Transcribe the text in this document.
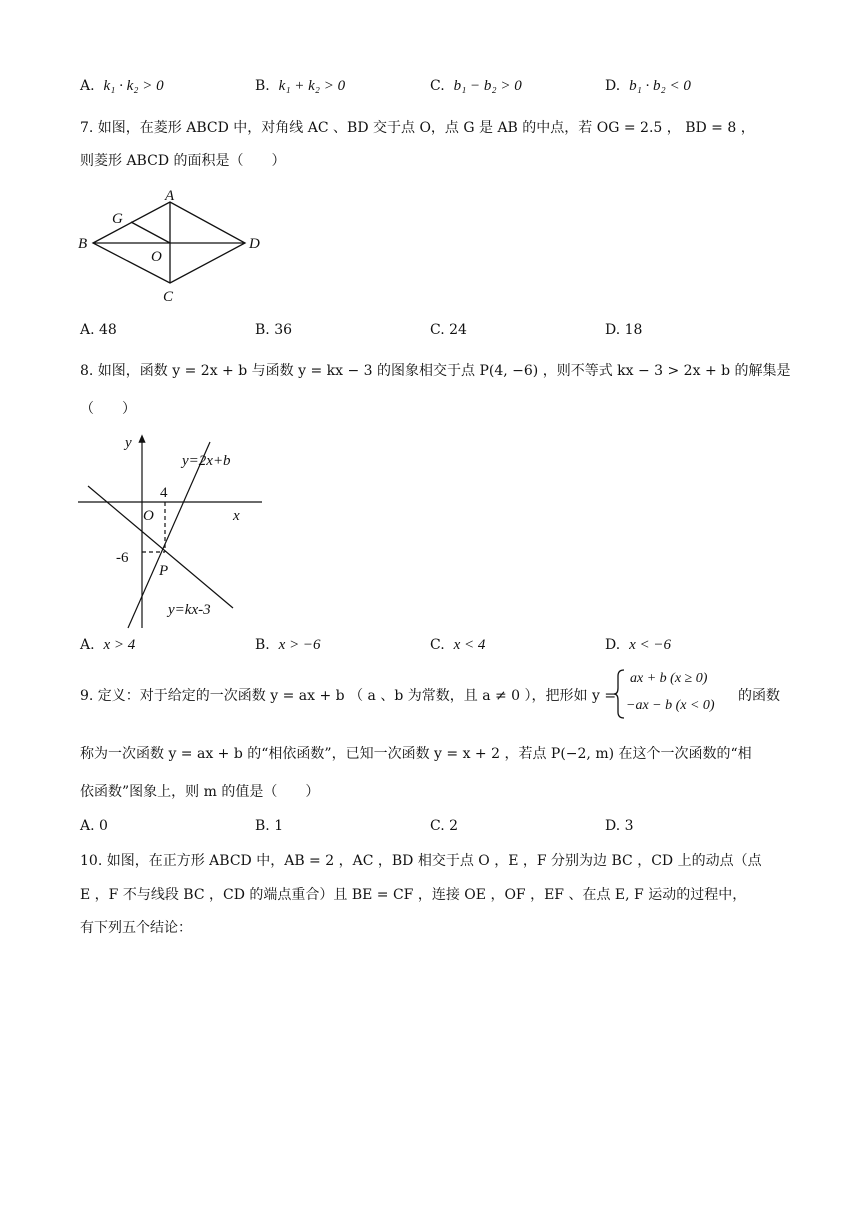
A. k₁ · k₂ > 0	B. k₁ + k₂ > 0	C. b₁ − b₂ > 0	D. b₁ · b₂ < 0
7. 如图，在菱形 ABCD 中，对角线 AC 、BD 交于点 O，点 G 是 AB 的中点，若 OG = 2.5 ， BD = 8 ，
则菱形 ABCD 的面积是（　　）
A
B
C
D
G
O
A. 48	B. 36	C. 24	D. 18
8. 如图，函数 y = 2x + b 与函数 y = kx − 3 的图象相交于点 P(4, −6) ，则不等式 kx − 3 > 2x + b 的解集是
（　　）
y
x
O
4
-6
P
y=2x+b
y=kx-3
A. x > 4	B. x > −6	C. x < 4	D. x < −6
9. 定义：对于给定的一次函数 y = ax + b （ a 、b 为常数，且 a ≠ 0 ），把形如 y =
ax + b (x ≥ 0)
−ax − b (x < 0)
的函数
称为一次函数 y = ax + b 的“相依函数”，已知一次函数 y = x + 2 ，若点 P(−2, m) 在这个一次函数的“相
依函数”图象上，则 m 的值是（　　）
A. 0	B. 1	C. 2	D. 3
10. 如图，在正方形 ABCD 中，AB = 2 ，AC ，BD 相交于点 O ，E ，F 分别为边 BC ，CD 上的动点（点
E ，F 不与线段 BC ，CD 的端点重合）且 BE = CF ，连接 OE ，OF ，EF 、在点 E, F 运动的过程中，
有下列五个结论：
